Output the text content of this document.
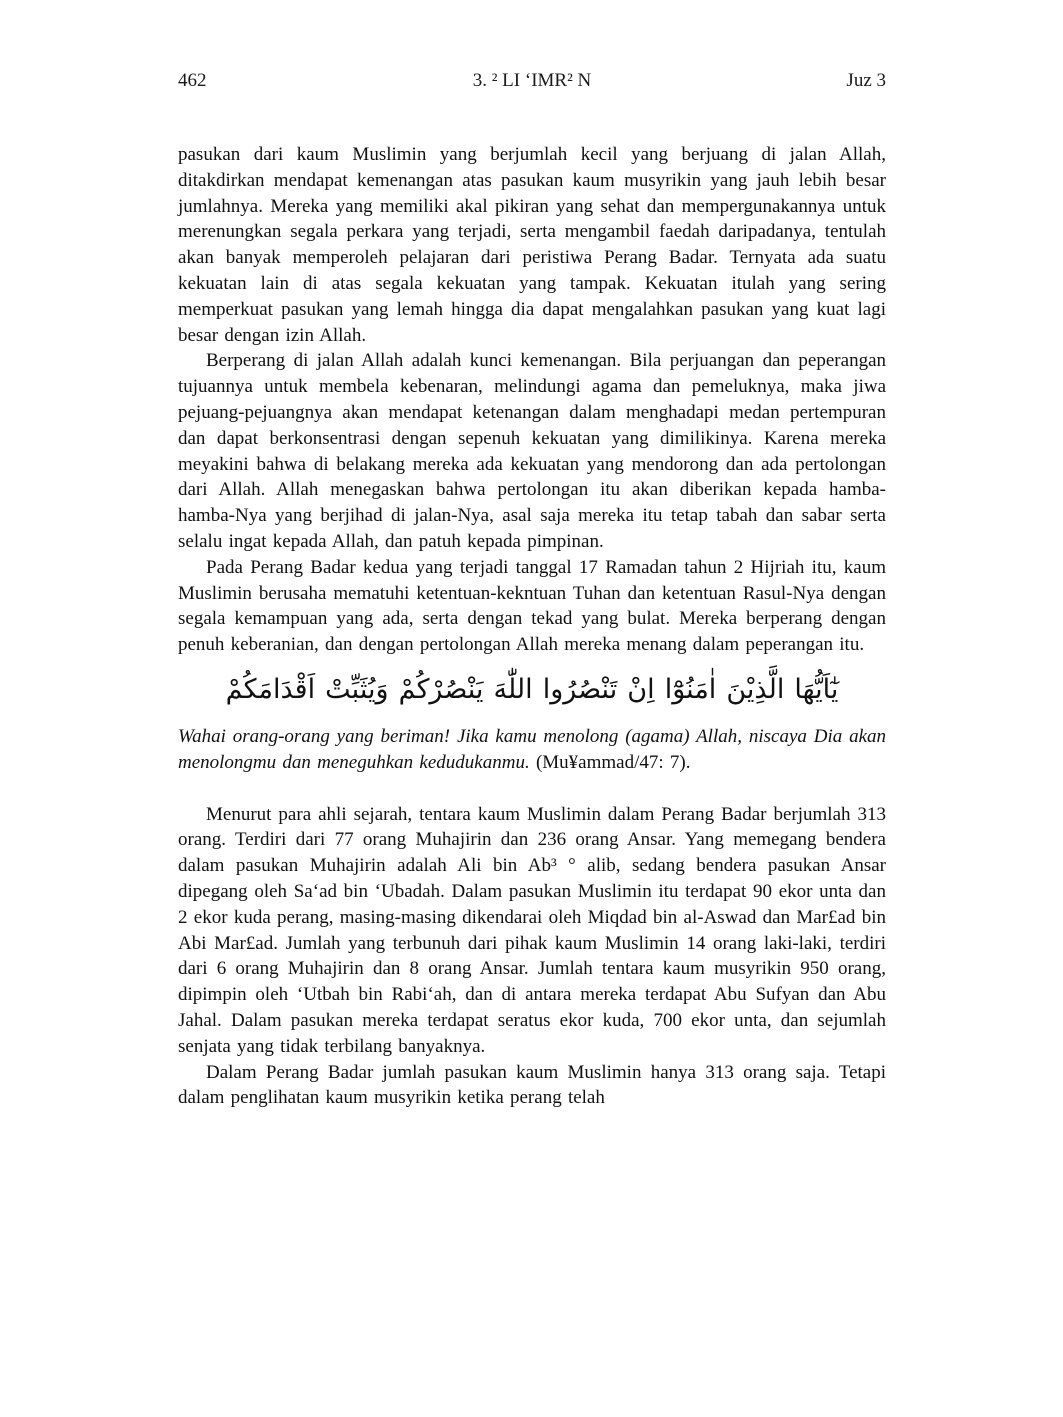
462	3. ² LI ‘IMR² N	Juz 3

pasukan dari kaum Muslimin yang berjumlah kecil yang berjuang di jalan Allah, ditakdirkan mendapat kemenangan atas pasukan kaum musyrikin yang jauh lebih besar jumlahnya. Mereka yang memiliki akal pikiran yang sehat dan mempergunakannya untuk merenungkan segala perkara yang terjadi, serta mengambil faedah daripadanya, tentulah akan banyak memperoleh pelajaran dari peristiwa Perang Badar. Ternyata ada suatu kekuatan lain di atas segala kekuatan yang tampak. Kekuatan itulah yang sering memperkuat pasukan yang lemah hingga dia dapat mengalahkan pasukan yang kuat lagi besar dengan izin Allah.

Berperang di jalan Allah adalah kunci kemenangan. Bila perjuangan dan peperangan tujuannya untuk membela kebenaran, melindungi agama dan pemeluknya, maka jiwa pejuang-pejuangnya akan mendapat ketenangan dalam menghadapi medan pertempuran dan dapat berkonsentrasi dengan sepenuh kekuatan yang dimilikinya. Karena mereka meyakini bahwa di belakang mereka ada kekuatan yang mendorong dan ada pertolongan dari Allah. Allah menegaskan bahwa pertolongan itu akan diberikan kepada hamba-hamba-Nya yang berjihad di jalan-Nya, asal saja mereka itu tetap tabah dan sabar serta selalu ingat kepada Allah, dan patuh kepada pimpinan.

Pada Perang Badar kedua yang terjadi tanggal 17 Ramadan tahun 2 Hijriah itu, kaum Muslimin berusaha mematuhi ketentuan-kekntuan Tuhan dan ketentuan Rasul-Nya dengan segala kemampuan yang ada, serta dengan tekad yang bulat. Mereka berperang dengan penuh keberanian, dan dengan pertolongan Allah mereka menang dalam peperangan itu.

يٰٓاَيُّهَا الَّذِيْنَ اٰمَنُوْٓا اِنْ تَنْصُرُوا اللّٰهَ يَنْصُرْكُمْ وَيُثَبِّتْ اَقْدَامَكُمْ

Wahai orang-orang yang beriman! Jika kamu menolong (agama) Allah, niscaya Dia akan menolongmu dan meneguhkan kedudukanmu. (Mu¥ammad/47: 7).

Menurut para ahli sejarah, tentara kaum Muslimin dalam Perang Badar berjumlah 313 orang. Terdiri dari 77 orang Muhajirin dan 236 orang Ansar. Yang memegang bendera dalam pasukan Muhajirin adalah Ali bin Ab³ ° alib, sedang bendera pasukan Ansar dipegang oleh Sa‘ad bin ‘Ubadah. Dalam pasukan Muslimin itu terdapat 90 ekor unta dan 2 ekor kuda perang, masing-masing dikendarai oleh Miqdad bin al-Aswad dan Mar£ad bin Abi Mar£ad. Jumlah yang terbunuh dari pihak kaum Muslimin 14 orang laki-laki, terdiri dari 6 orang Muhajirin dan 8 orang Ansar. Jumlah tentara kaum musyrikin 950 orang, dipimpin oleh ‘Utbah bin Rabi‘ah, dan di antara mereka terdapat Abu Sufyan dan Abu Jahal. Dalam pasukan mereka terdapat seratus ekor kuda, 700 ekor unta, dan sejumlah senjata yang tidak terbilang banyaknya.

Dalam Perang Badar jumlah pasukan kaum Muslimin hanya 313 orang saja. Tetapi dalam penglihatan kaum musyrikin ketika perang telah
